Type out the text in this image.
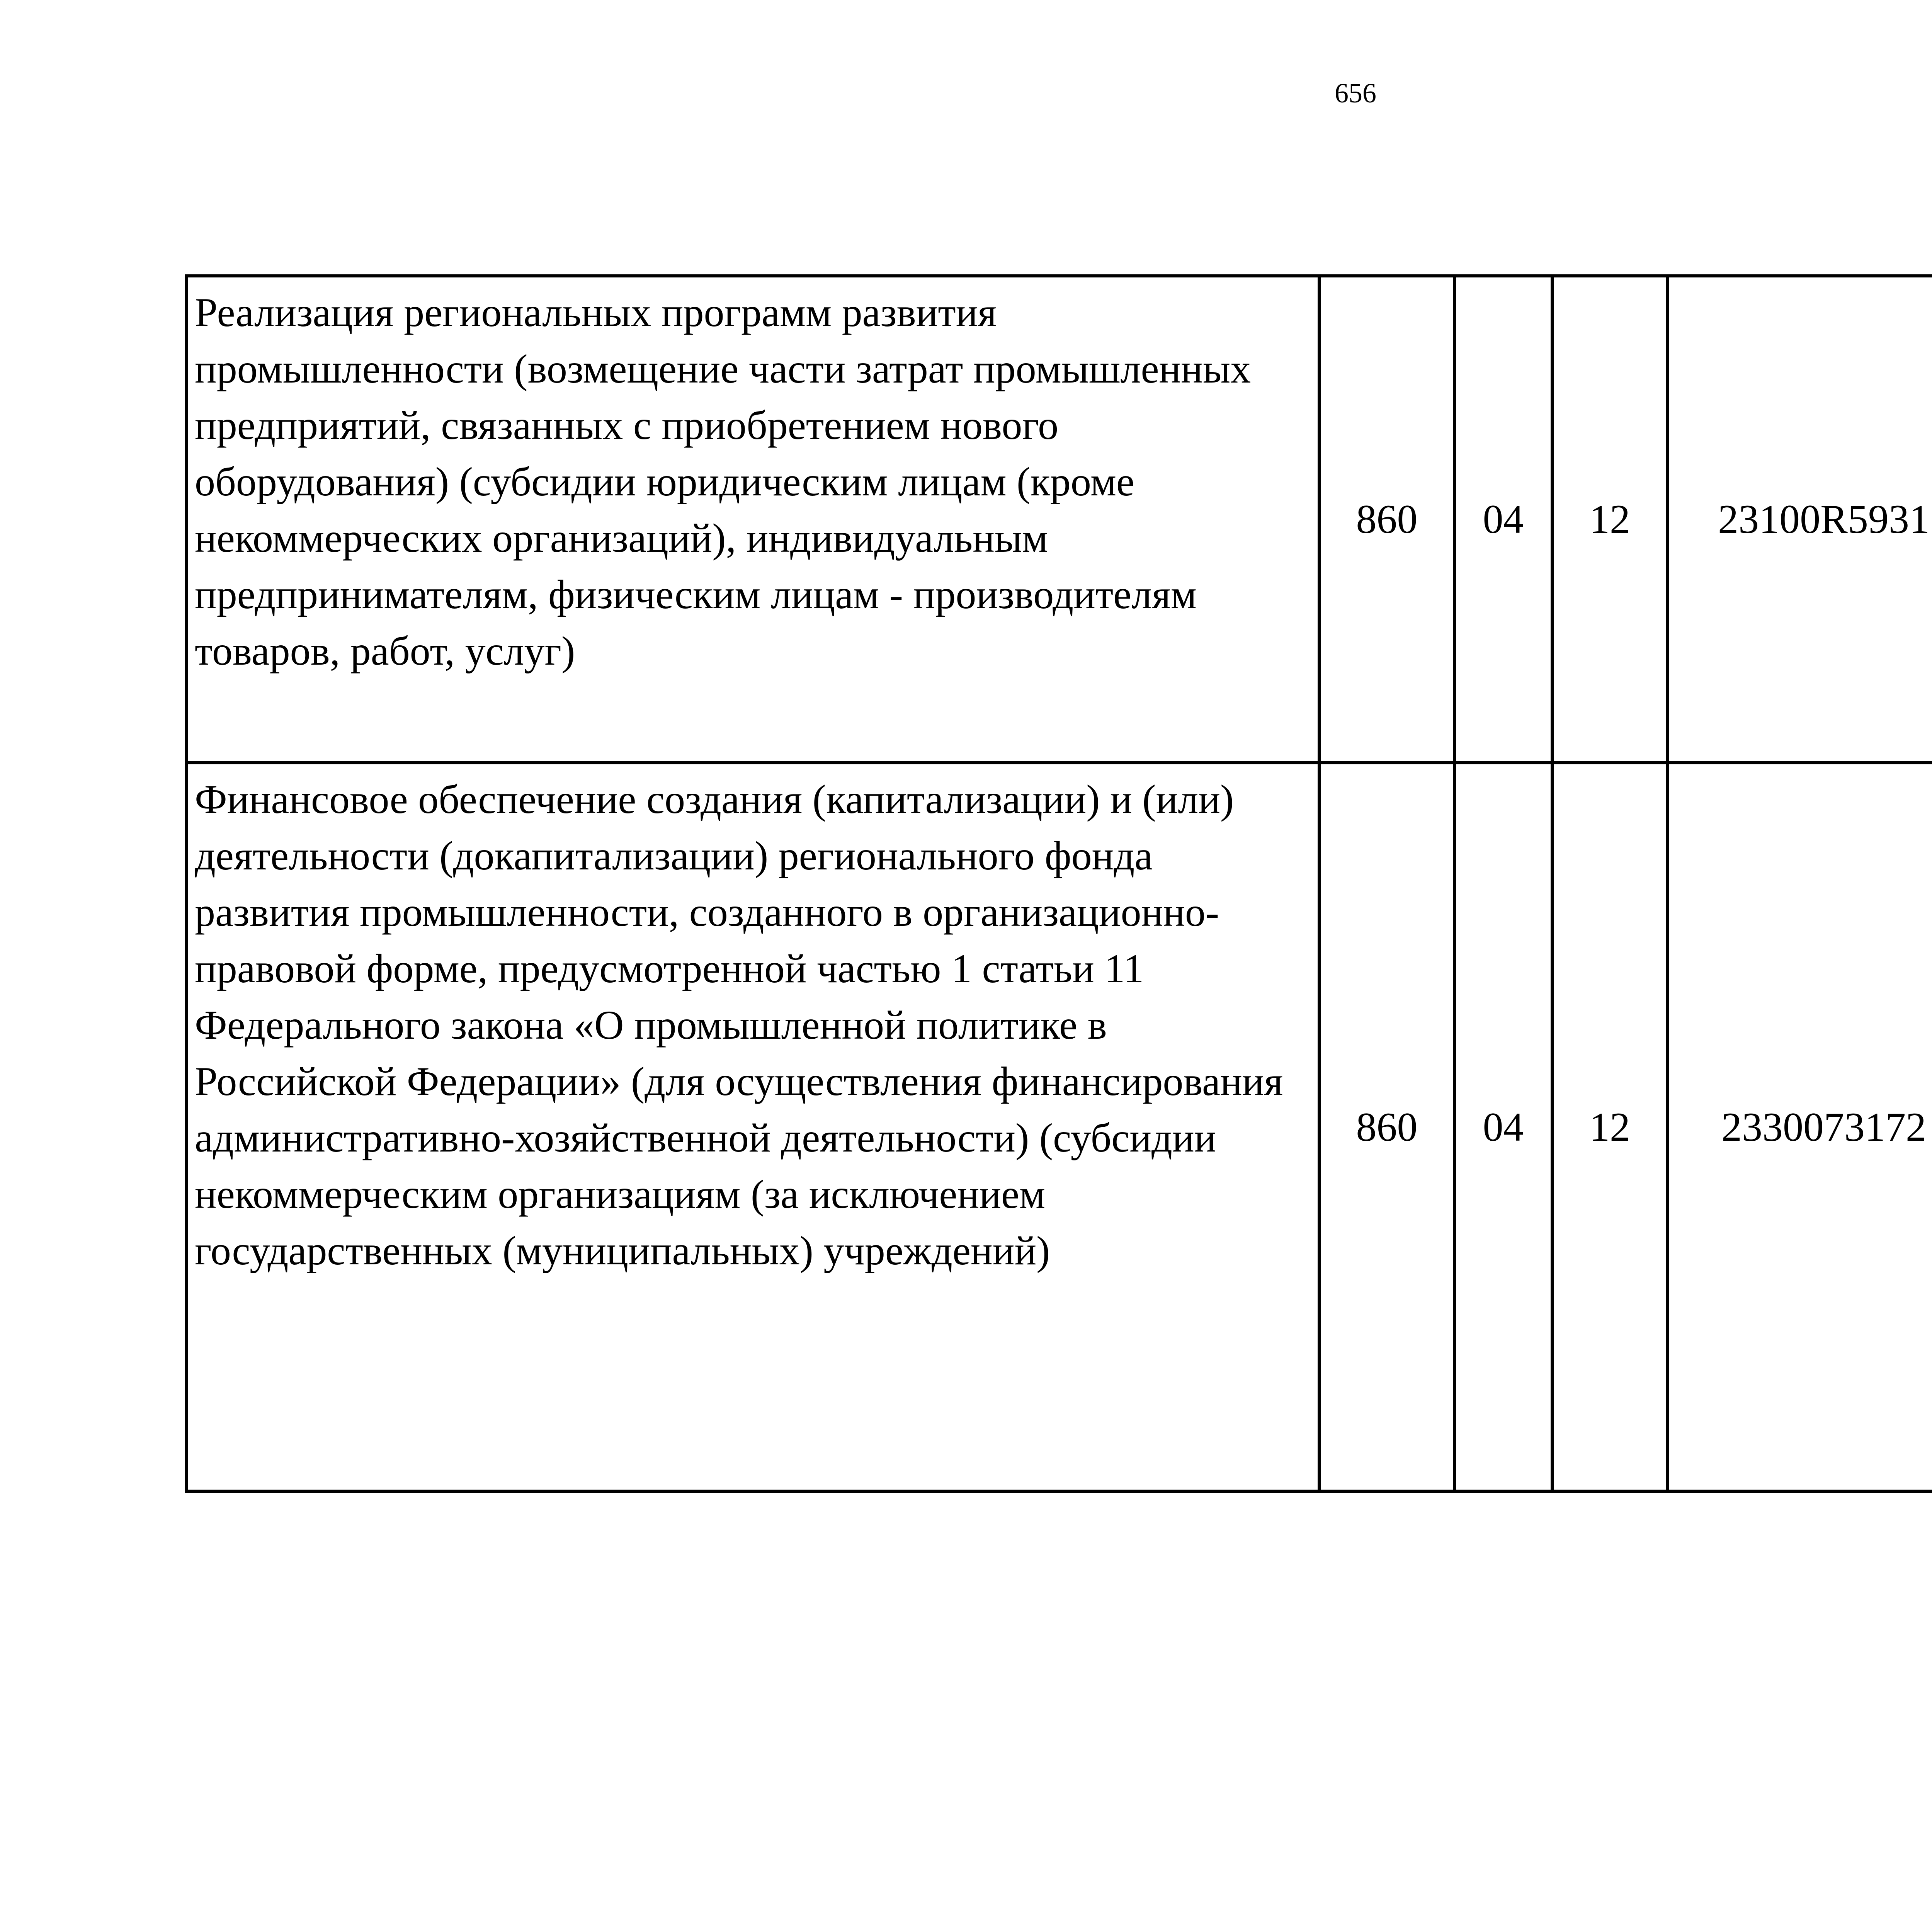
656
Реализация региональных программ развития промышленности (возмещение части затрат промышленных предприятий, связанных с приобретением нового оборудования) (субсидии юридическим лицам (кроме некоммерческих организаций), индивидуальным предпринимателям, физическим лицам - производителям товаров, работ, услуг)	860	04	12	23100R5931		
Финансовое обеспечение создания (капитализации) и (или) деятельности (докапитализации) регионального фонда развития промышленности, созданного в организационно-правовой форме, предусмотренной частью 1 статьи 11 Федерального закона «О промышленной политике в Российской Федерации» (для осуществления финансирования административно-хозяйственной деятельности) (субсидии некоммерческим организациям (за исключением государственных (муниципальных) учреждений)	860	04	12	2330073172		
